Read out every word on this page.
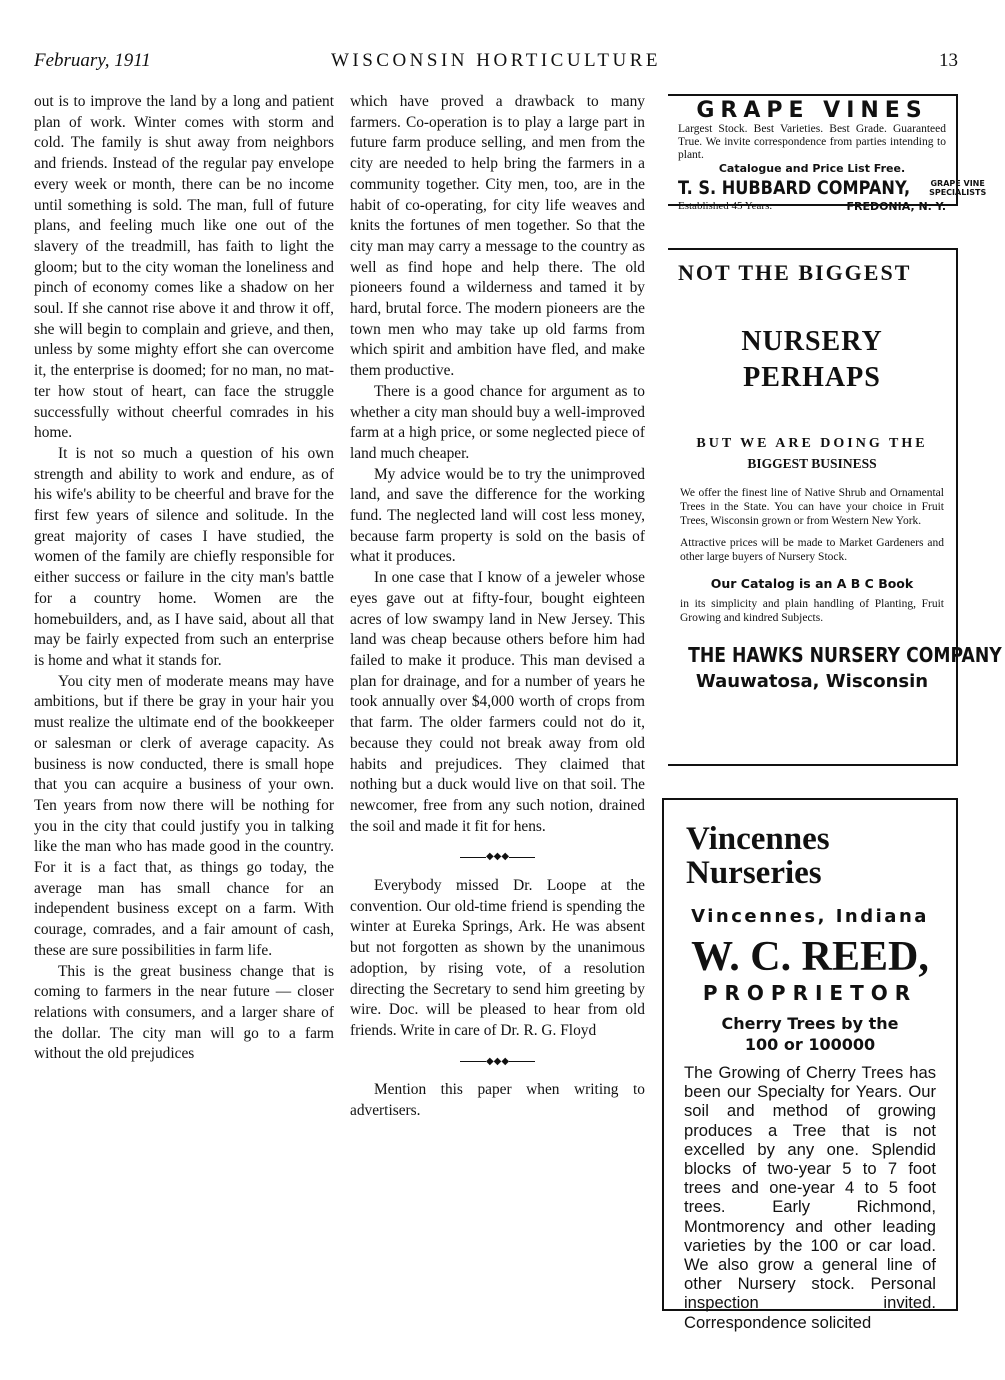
February, 1911	WISCONSIN HORTICULTURE	13

out is to improve the land by a long and patient plan of work. Winter comes with storm and cold. The family is shut away from neighbors and friends. Instead of the regular pay envelope every week or month, there can be no income until something is sold. The man, full of future plans, and feeling much like one out of the slavery of the treadmill, has faith to light the gloom; but to the city woman the loneliness and pinch of economy comes like a shadow on her soul. If she cannot rise above it and throw it off, she will begin to complain and grieve, and then, unless by some mighty effort she can overcome it, the enterprise is doomed; for no man, no matter how stout of heart, can face the struggle successfully without cheerful comrades in his home.

It is not so much a question of his own strength and ability to work and endure, as of his wife's ability to be cheerful and brave for the first few years of silence and solitude. In the great majority of cases I have studied, the women of the family are chiefly responsible for either success or failure in the city man's battle for a country home. Women are the homebuilders, and, as I have said, about all that may be fairly expected from such an enterprise is home and what it stands for.

You city men of moderate means may have ambitions, but if there be gray in your hair you must realize the ultimate end of the bookkeeper or salesman or clerk of average capacity. As business is now conducted, there is small hope that you can acquire a business of your own. Ten years from now there will be nothing for you in the city that could justify you in talking like the man who has made good in the country. For it is a fact that, as things go today, the average man has small chance for an independent business except on a farm. With courage, comrades, and a fair amount of cash, these are sure possibilities in farm life.

This is the great business change that is coming to farmers in the near future — closer relations with consumers, and a larger share of the dollar. The city man will go to a farm without the old prejudices

which have proved a drawback to many farmers. Co-operation is to play a large part in future farm produce selling, and men from the city are needed to help bring the farmers in a community together. City men, too, are in the habit of co-operating, for city life weaves and knits the fortunes of men together. So that the city man may carry a message to the country as well as find hope and help there. The old pioneers found a wilderness and tamed it by hard, brutal force. The modern pioneers are the town men who may take up old farms from which spirit and ambition have fled, and make them productive.

There is a good chance for argument as to whether a city man should buy a well-improved farm at a high price, or some neglected piece of land much cheaper.

My advice would be to try the unimproved land, and save the difference for the working fund. The neglected land will cost less money, because farm property is sold on the basis of what it produces.

In one case that I know of a jeweler whose eyes gave out at fifty-four, bought eighteen acres of low swampy land in New Jersey. This land was cheap because others before him had failed to make it produce. This man devised a plan for drainage, and for a number of years he took annually over $4,000 worth of crops from that farm. The older farmers could not do it, because they could not break away from old habits and prejudices. They claimed that nothing but a duck would live on that soil. The newcomer, free from any such notion, drained the soil and made it fit for hens.

◆◆◆

Everybody missed Dr. Loope at the convention. Our old-time friend is spending the winter at Eureka Springs, Ark. He was absent but not forgotten as shown by the unanimous adoption, by rising vote, of a resolution directing the Secretary to send him greeting by wire. Doc. will be pleased to hear from old friends. Write in care of Dr. R. G. Floyd

◆◆◆

Mention this paper when writing to advertisers.

GRAPE VINES
Largest Stock. Best Varieties. Best Grade. Guaranteed True. We invite correspondence from parties intending to plant.
Catalogue and Price List Free.
T. S. HUBBARD COMPANY,	GRAPE VINE
SPECIALISTS
Established 45 Years.	FREDONIA, N. Y.
NOT THE BIGGEST
NURSERY
PERHAPS
BUT WE ARE DOING THE
BIGGEST BUSINESS
We offer the finest line of Native Shrub and Ornamental Trees in the State. You can have your choice in Fruit Trees, Wisconsin grown or from Western New York.
Attractive prices will be made to Market Gardeners and other large buyers of Nursery Stock.
Our Catalog is an A B C Book
in its simplicity and plain handling of Planting, Fruit Growing and kindred Subjects.
THE HAWKS NURSERY COMPANY
Wauwatosa, Wisconsin
Vincennes
Nurseries
Vincennes, Indiana
W. C. REED,
PROPRIETOR
Cherry Trees by the
100 or 100000
The Growing of Cherry Trees has been our Specialty for Years. Our soil and method of growing produces a Tree that is not excelled by any one. Splendid blocks of two-year 5 to 7 foot trees and one-year 4 to 5 foot trees. Early Richmond, Montmorency and other leading varieties by the 100 or car load. We also grow a general line of other Nursery stock. Personal inspection invited. Correspondence solicited
